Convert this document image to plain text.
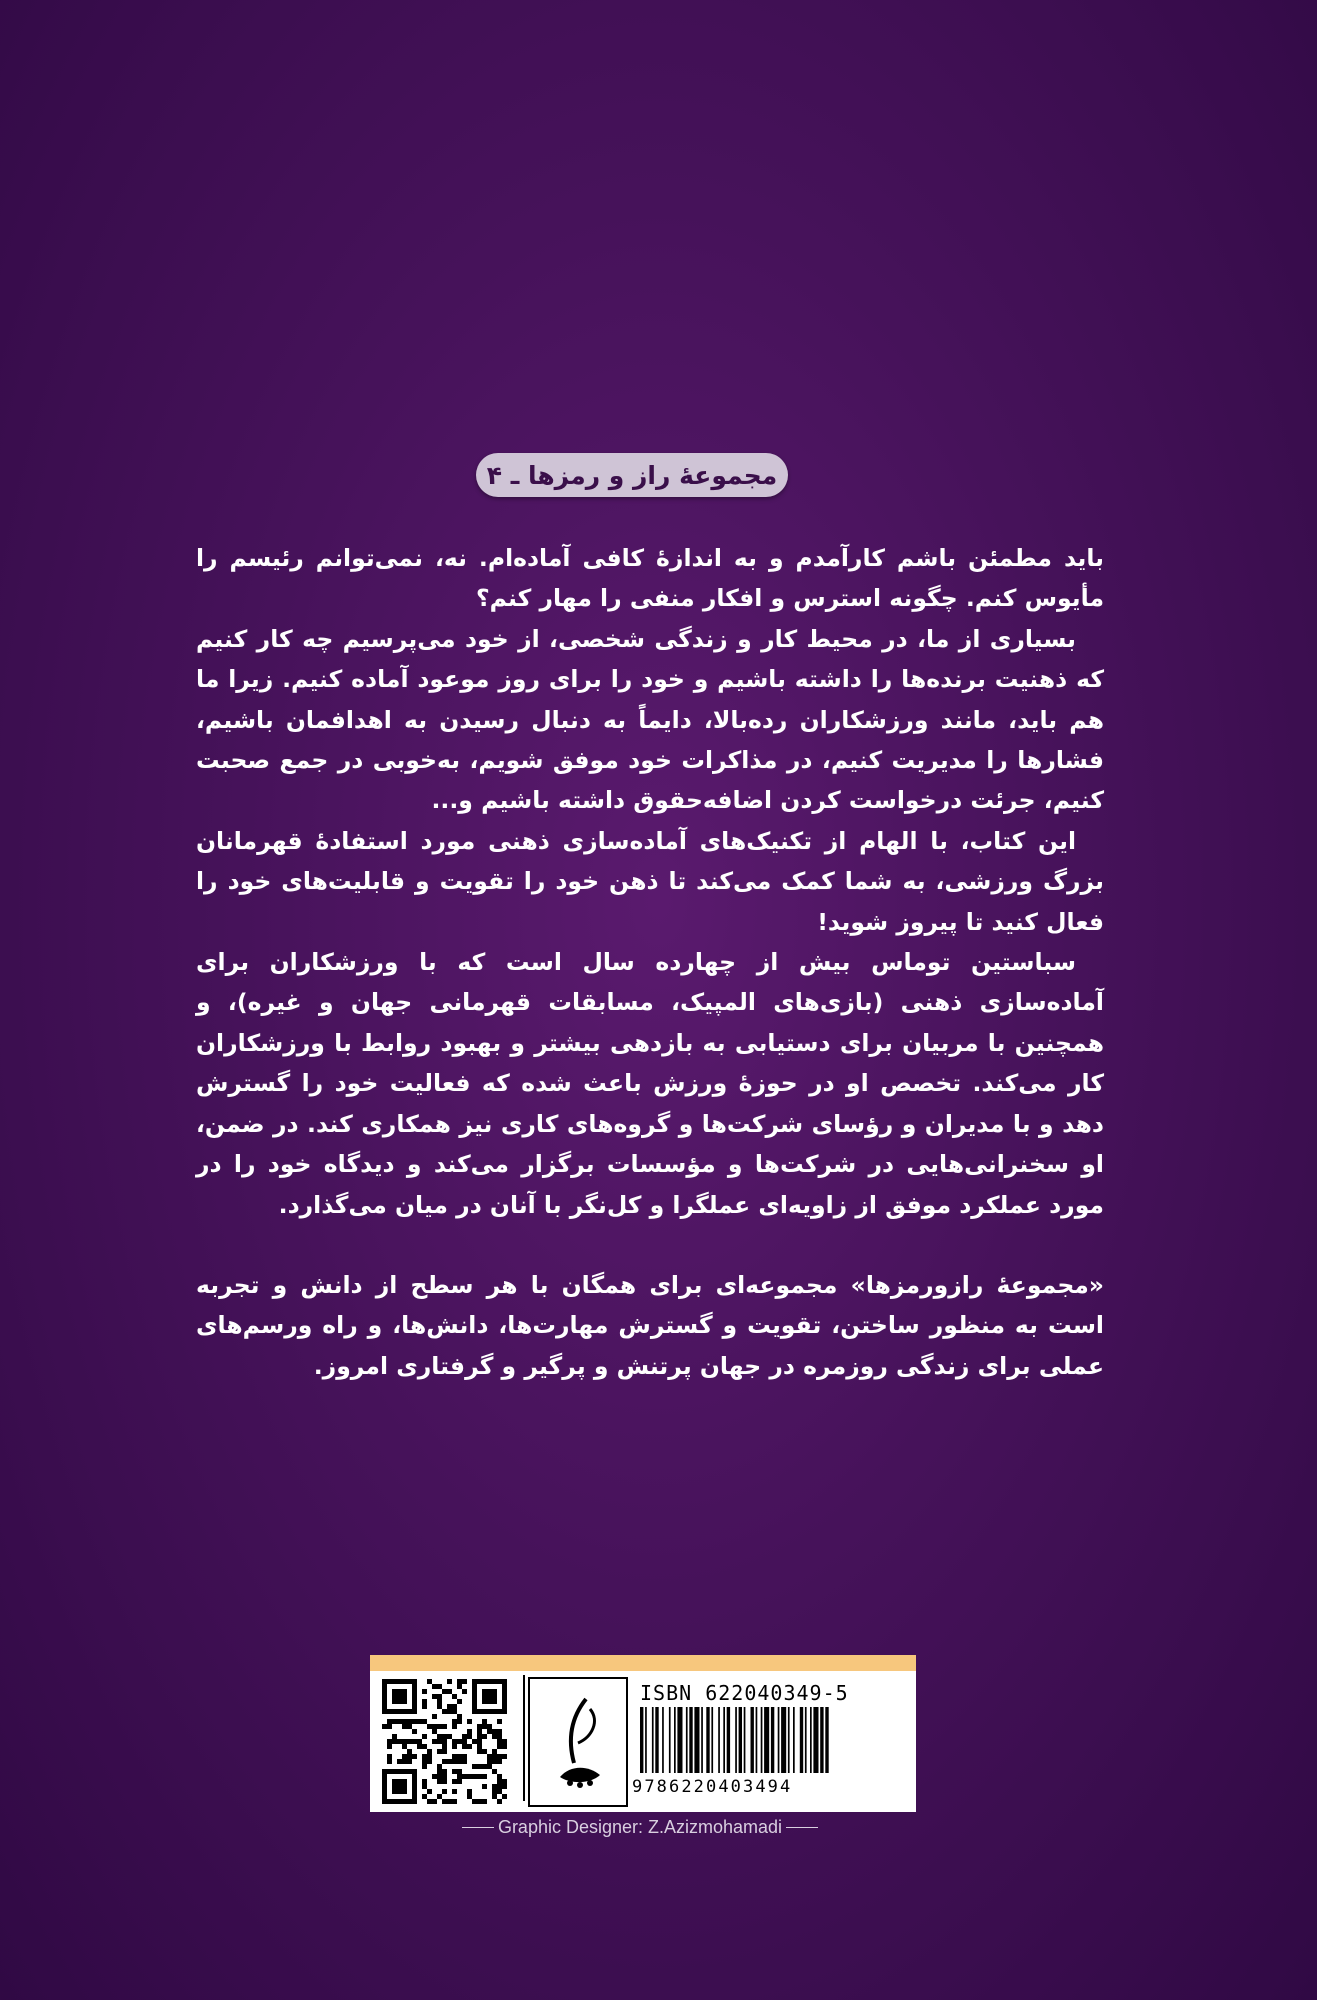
مجموعۀ راز و رمزها ـ ۴

باید مطمئن باشم کارآمدم و به اندازۀ کافی آماده‌ام. نه، نمی‌توانم رئیسم را مأیوس کنم. چگونه استرس و افکار منفی را مهار کنم؟

بسیاری از ما، در محیط کار و زندگی شخصی، از خود می‌پرسیم چه کار کنیم که ذهنیت برنده‌ها را داشته باشیم و خود را برای روز موعود آماده کنیم. زیرا ما هم باید، مانند ورزشکاران رده‌بالا، دایماً به دنبال رسیدن به اهدافمان باشیم، فشارها را مدیریت کنیم، در مذاکرات خود موفق شویم، به‌خوبی در جمع صحبت کنیم، جرئت درخواست کردن اضافه‌حقوق داشته باشیم و...

این کتاب، با الهام از تکنیک‌های آماده‌سازی ذهنی مورد استفادۀ قهرمانان بزرگ ورزشی، به شما کمک می‌کند تا ذهن خود را تقویت و قابلیت‌های خود را فعال کنید تا پیروز شوید!

سباستین توماس بیش از چهارده سال است که با ورزشکاران برای آماده‌سازی ذهنی (بازی‌های المپیک، مسابقات قهرمانی جهان و غیره)، و همچنین با مربیان برای دستیابی به بازدهی بیشتر و بهبود روابط با ورزشکاران کار می‌کند. تخصص او در حوزۀ ورزش باعث شده که فعالیت خود را گسترش دهد و با مدیران و رؤسای شرکت‌ها و گروه‌های کاری نیز همکاری کند. در ضمن، او سخنرانی‌هایی در شرکت‌ها و مؤسسات برگزار می‌کند و دیدگاه خود را در مورد عملکرد موفق از زاویه‌ای عملگرا و کل‌نگر با آنان در میان می‌گذارد.

«مجموعۀ رازورمزها» مجموعه‌ای برای همگان با هر سطح از دانش و تجربه است به منظور ساختن، تقویت و گسترش مهارت‌ها، دانش‌ها، و راه ورسم‌های عملی برای زندگی روزمره در جهان پرتنش و پرگیر و گرفتاری امروز.

ISBN 622040349-5
9786220403494
Graphic Designer: Z.Azizmohamadi
